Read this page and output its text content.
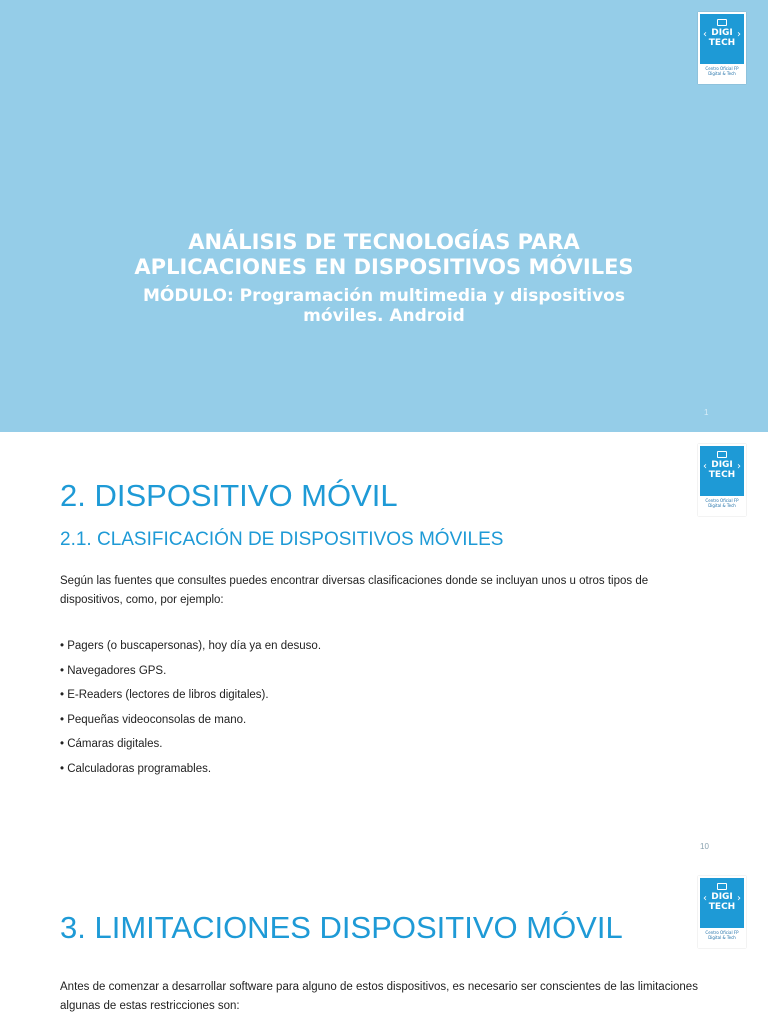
‹	›
DIGI
TECH
Centro Oficial FP
Digital & Tech
ANÁLISIS DE TECNOLOGÍAS PARA
APLICACIONES EN DISPOSITIVOS MÓVILES
MÓDULO: Programación multimedia y dispositivos
móviles. Android
1
‹	›
DIGI
TECH
Centro Oficial FP
Digital & Tech
2. DISPOSITIVO MÓVIL
2.1. CLASIFICACIÓN DE DISPOSITIVOS MÓVILES
Según las fuentes que consultes puedes encontrar diversas clasificaciones donde se incluyan unos u otros tipos de
dispositivos, como, por ejemplo:
• Pagers (o buscapersonas), hoy día ya en desuso.
• Navegadores GPS.
• E-Readers (lectores de libros digitales).
• Pequeñas videoconsolas de mano.
• Cámaras digitales.
• Calculadoras programables.
10
‹	›
DIGI
TECH
Centro Oficial FP
Digital & Tech
3. LIMITACIONES DISPOSITIVO MÓVIL
Antes de comenzar a desarrollar software para alguno de estos dispositivos, es necesario ser conscientes de las limitaciones
algunas de estas restricciones son:
